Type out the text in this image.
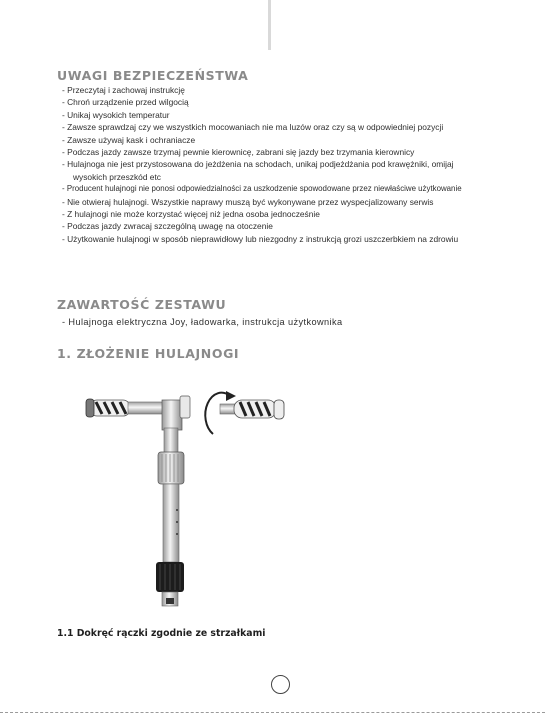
UWAGI BEZPIECZEŃSTWA
- Przeczytaj i zachowaj instrukcję
- Chroń urządzenie przed wilgocią
- Unikaj wysokich temperatur
- Zawsze sprawdzaj czy we wszystkich mocowaniach nie ma luzów oraz czy są w odpowiedniej pozycji
- Zawsze używaj kask i ochraniacze
- Podczas jazdy zawsze trzymaj pewnie kierownicę, zabrani się jazdy bez trzymania kierownicy
- Hulajnoga nie jest przystosowana do jeżdżenia na schodach, unikaj podjeżdżania pod krawężniki, omijaj
wysokich przeszkód etc
- Producent hulajnogi nie ponosi odpowiedzialności za uszkodzenie spowodowane przez niewłaściwe użytkowanie
- Nie otwieraj hulajnogi. Wszystkie naprawy muszą być wykonywane przez wyspecjalizowany serwis
- Z hulajnogi nie może korzystać więcej niż jedna osoba jednocześnie
- Podczas jazdy zwracaj szczególną uwagę na otoczenie
- Użytkowanie hulajnogi w sposób nieprawidłowy lub niezgodny z instrukcją grozi uszczerbkiem na zdrowiu
ZAWARTOŚĆ ZESTAWU
- Hulajnoga elektryczna Joy, ładowarka, instrukcja użytkownika
1. ZŁOŻENIE HULAJNOGI
1.1 Dokręć rączki zgodnie ze strzałkami
